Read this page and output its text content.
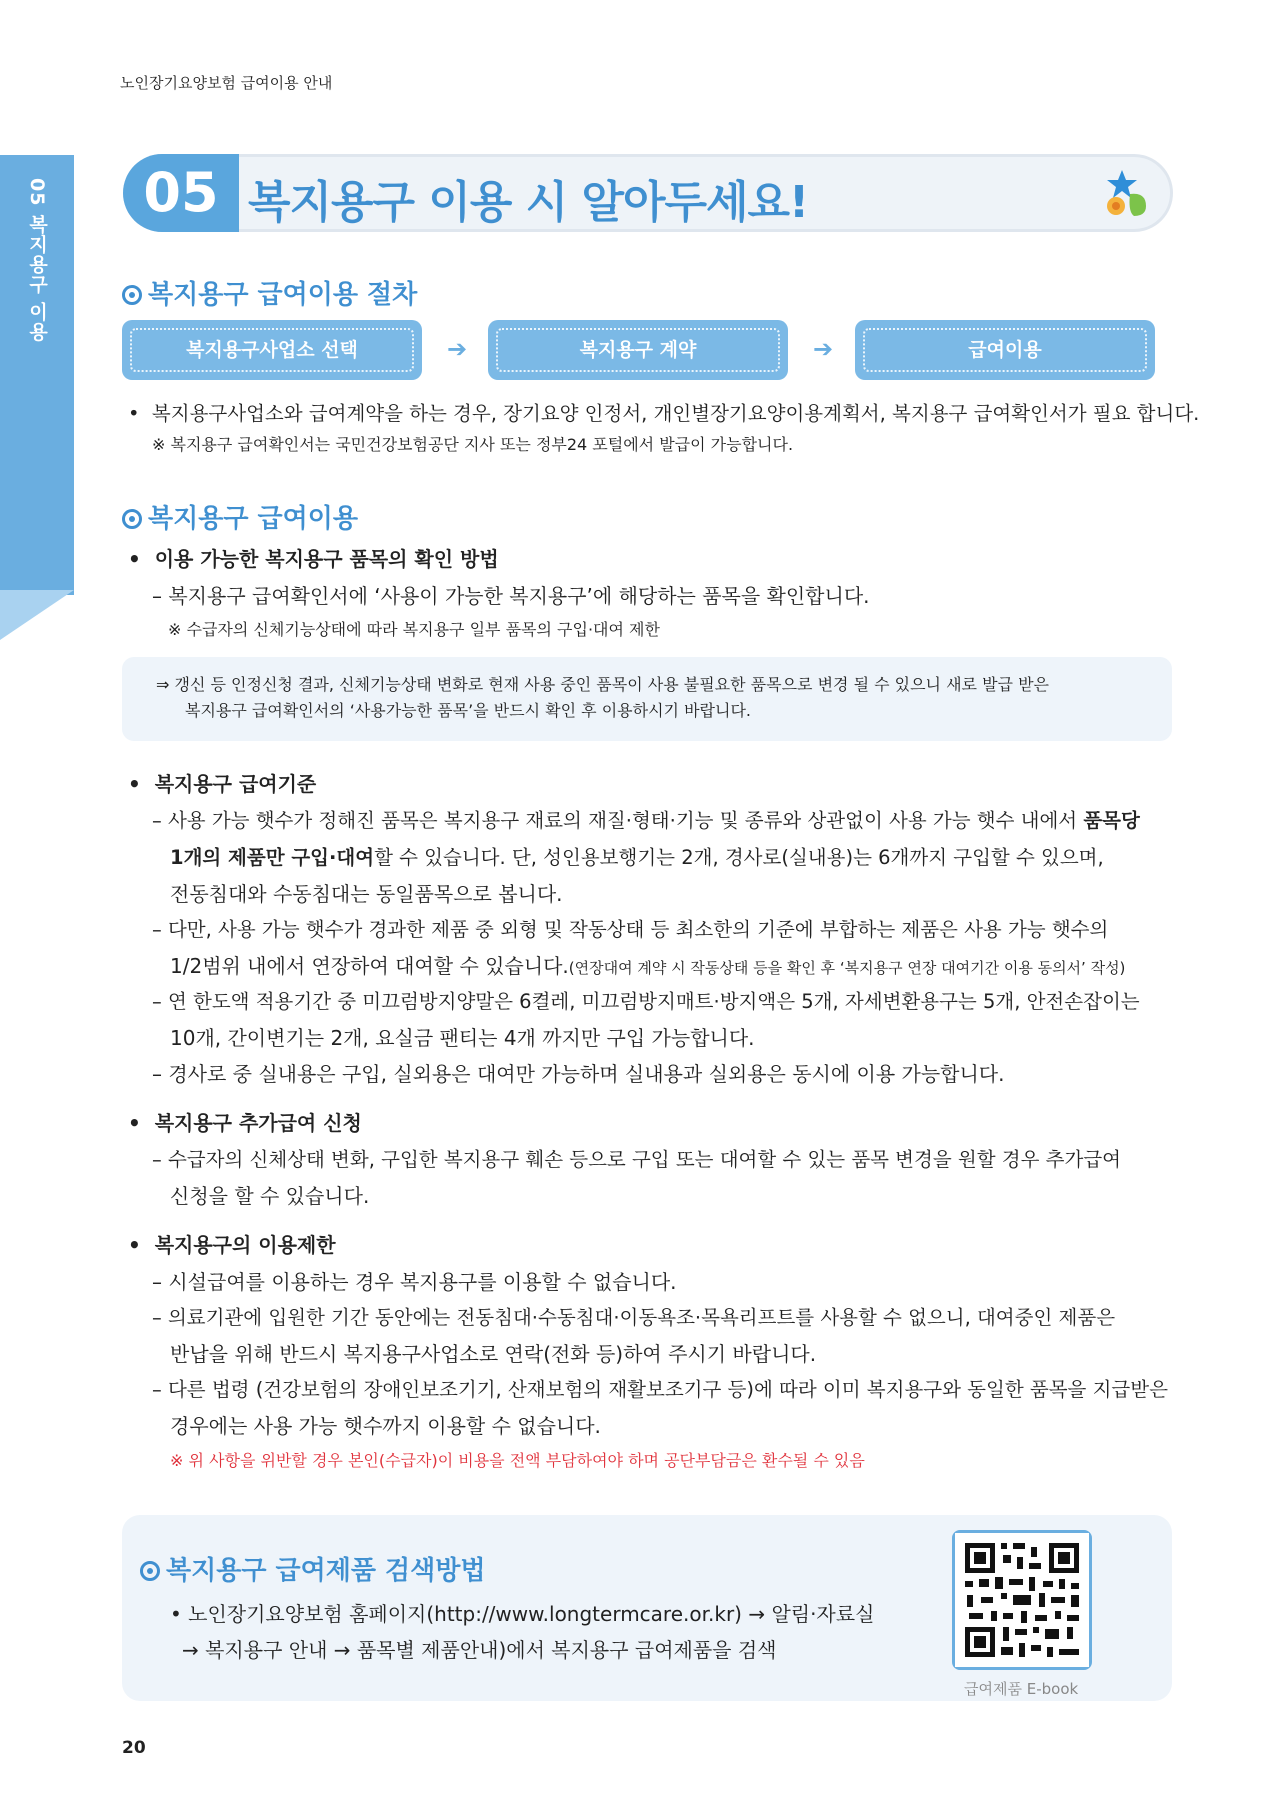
노인장기요양보험 급여이용 안내
05 복지용구 이용	05 복지용구 이용 시 알아두세요!
복지용구 급여이용 절차
복지용구사업소 선택	➔	복지용구 계약	➔	급여이용
•  복지용구사업소와 급여계약을 하는 경우, 장기요양 인정서, 개인별장기요양이용계획서, 복지용구 급여확인서가 필요 합니다.
※ 복지용구 급여확인서는 국민건강보험공단 지사 또는 정부24 포털에서 발급이 가능합니다.
복지용구 급여이용
•  이용 가능한 복지용구 품목의 확인 방법
– 복지용구 급여확인서에 ‘사용이 가능한 복지용구’에 해당하는 품목을 확인합니다.
※ 수급자의 신체기능상태에 따라 복지용구 일부 품목의 구입·대여 제한
⇒ 갱신 등 인정신청 결과, 신체기능상태 변화로 현재 사용 중인 품목이 사용 불필요한 품목으로 변경 될 수 있으니 새로 발급 받은
복지용구 급여확인서의 ‘사용가능한 품목’을 반드시 확인 후 이용하시기 바랍니다.
•  복지용구 급여기준
– 사용 가능 햇수가 정해진 품목은 복지용구 재료의 재질·형태·기능 및 종류와 상관없이 사용 가능 햇수 내에서 품목당
1개의 제품만 구입·대여할 수 있습니다. 단, 성인용보행기는 2개, 경사로(실내용)는 6개까지 구입할 수 있으며,
전동침대와 수동침대는 동일품목으로 봅니다.
– 다만, 사용 가능 햇수가 경과한 제품 중 외형 및 작동상태 등 최소한의 기준에 부합하는 제품은 사용 가능 햇수의
1/2범위 내에서 연장하여 대여할 수 있습니다.(연장대여 계약 시 작동상태 등을 확인 후 ‘복지용구 연장 대여기간 이용 동의서’ 작성)
– 연 한도액 적용기간 중 미끄럼방지양말은 6켤레, 미끄럼방지매트·방지액은 5개, 자세변환용구는 5개, 안전손잡이는
10개, 간이변기는 2개, 요실금 팬티는 4개 까지만 구입 가능합니다.
– 경사로 중 실내용은 구입, 실외용은 대여만 가능하며 실내용과 실외용은 동시에 이용 가능합니다.
•  복지용구 추가급여 신청
– 수급자의 신체상태 변화, 구입한 복지용구 훼손 등으로 구입 또는 대여할 수 있는 품목 변경을 원할 경우 추가급여
신청을 할 수 있습니다.
•  복지용구의 이용제한
– 시설급여를 이용하는 경우 복지용구를 이용할 수 없습니다.
– 의료기관에 입원한 기간 동안에는 전동침대·수동침대·이동욕조·목욕리프트를 사용할 수 없으니, 대여중인 제품은
반납을 위해 반드시 복지용구사업소로 연락(전화 등)하여 주시기 바랍니다.
– 다른 법령 (건강보험의 장애인보조기기, 산재보험의 재활보조기구 등)에 따라 이미 복지용구와 동일한 품목을 지급받은
경우에는 사용 가능 햇수까지 이용할 수 없습니다.
※ 위 사항을 위반할 경우 본인(수급자)이 비용을 전액 부담하여야 하며 공단부담금은 환수될 수 있음
복지용구 급여제품 검색방법
• 노인장기요양보험 홈페이지(http://www.longtermcare.or.kr) → 알림·자료실
→ 복지용구 안내 → 품목별 제품안내)에서 복지용구 급여제품을 검색
급여제품 E-book
20
